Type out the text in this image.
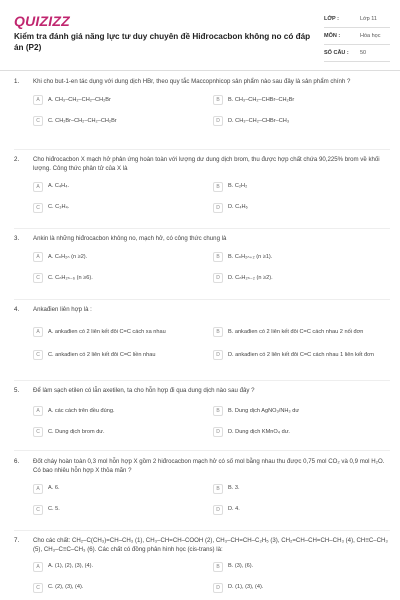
QUIZIZZ
Kiểm tra đánh giá năng lực tư duy chuyên đề Hiđrocacbon không no có đáp án (P2)
LỚP :	Lớp 11
MÔN :	Hóa học
SỐ CÂU :	50
1. Khi cho but-1-en tác dụng với dung dịch HBr, theo quy tắc Maccopnhicop sản phẩm nào sau đây là sản phẩm chính ?
A	A. CH₃–CH₂–CH₂–CH₂Br	B	B. CH₃–CH₂–CHBr–CH₂Br
C	C. CH₂Br–CH₂–CH₂–CH₂Br	D	D. CH₃–CH₂–CHBr–CH₃
2. Cho hiđrocacbon X mạch hở phản ứng hoàn toàn với lượng dư dung dịch brom, thu được hợp chất chứa 90,225% brom về khối lượng. Công thức phân tử của X là
A	A. C₄H₄.	B	B. C₂H₂
C	C. C₃H₄.	D	D. C₄H₆
3. Ankin là những hiđrocacbon không no, mạch hở, có công thức chung là
A	A. CₙH₂ₙ (n ≥2).	B	B. CₙH₂ₙ₊₂ (n ≥1).
C	C. CₙH₂ₙ₋₆ (n ≥6).	D	D. CₙH₂ₙ₋₂ (n ≥2).
4. Ankađien liên hợp là :
A	A. ankađien có 2 liên kết đôi C=C cách xa nhau	B	B. ankađien có 2 liên kết đôi C=C cách nhau 2 nối đơn
C	C. ankađien có 2 liên kết đôi C=C liền nhau	D	D. ankađien có 2 liên kết đôi C=C cách nhau 1 liên kết đơn
5. Để làm sạch etilen có lẫn axetilen, ta cho hỗn hợp đi qua dung dịch nào sau đây ?
A	A. các cách trên đều đúng.	B	B. Dung dịch AgNO₃/NH₃ dư
C	C. Dung dịch brom dư.	D	D. Dung dịch KMnO₄ dư.
6. Đốt cháy hoàn toàn 0,3 mol hỗn hợp X gồm 2 hiđrocacbon mạch hở có số mol bằng nhau thu được 0,75 mol CO₂ và 0,9 mol H₂O. Có bao nhiêu hỗn hợp X thỏa mãn ?
A	A. 6.	B	B. 3.
C	C. 5.	D	D. 4.
7. Cho các chất: CH₂–C(CH₃)=CH–CH₃ (1), CH₃–CH=CH–COOH (2), CH₃–CH=CH–C₂H₅ (3), CH₂=CH–CH=CH–CH₃ (4), CH≡C–CH₃ (5), CH₃–C≡C–CH₃ (6). Các chất có đồng phân hình học (cis-trans) là:
A	A. (1), (2), (3), (4).	B	B. (3), (6).
C	C. (2), (3), (4).	D	D. (1), (3), (4).
